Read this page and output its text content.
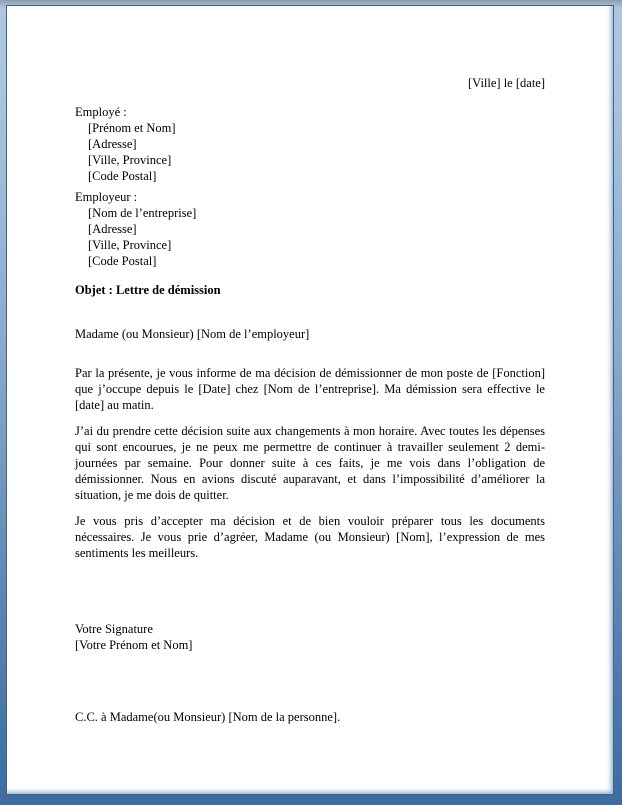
[Ville] le [date]

Employé :
[Prénom et Nom]
[Adresse]
[Ville, Province]
[Code Postal]
Employeur :
[Nom de l’entreprise]
[Adresse]
[Ville, Province]
[Code Postal]

Objet : Lettre de démission

Madame (ou Monsieur) [Nom de l’employeur]

Par la présente, je vous informe de ma décision de démissionner de mon poste de [Fonction] que j’occupe depuis le [Date] chez [Nom de l’entreprise]. Ma démission sera effective le [date] au matin.

J’ai du prendre cette décision suite aux changements à mon horaire. Avec toutes les dépenses qui sont encourues, je ne peux me permettre de continuer à travailler seulement 2 demi-journées par semaine. Pour donner suite à ces faits, je me vois dans l’obligation de démissionner. Nous en avions discuté auparavant, et dans l’impossibilité d’améliorer la situation, je me dois de quitter.

Je vous pris d’accepter ma décision et de bien vouloir préparer tous les documents nécessaires. Je vous prie d’agréer, Madame (ou Monsieur) [Nom], l’expression de mes sentiments les meilleurs.

Votre Signature
[Votre Prénom et Nom]

C.C. à Madame(ou Monsieur) [Nom de la personne].
